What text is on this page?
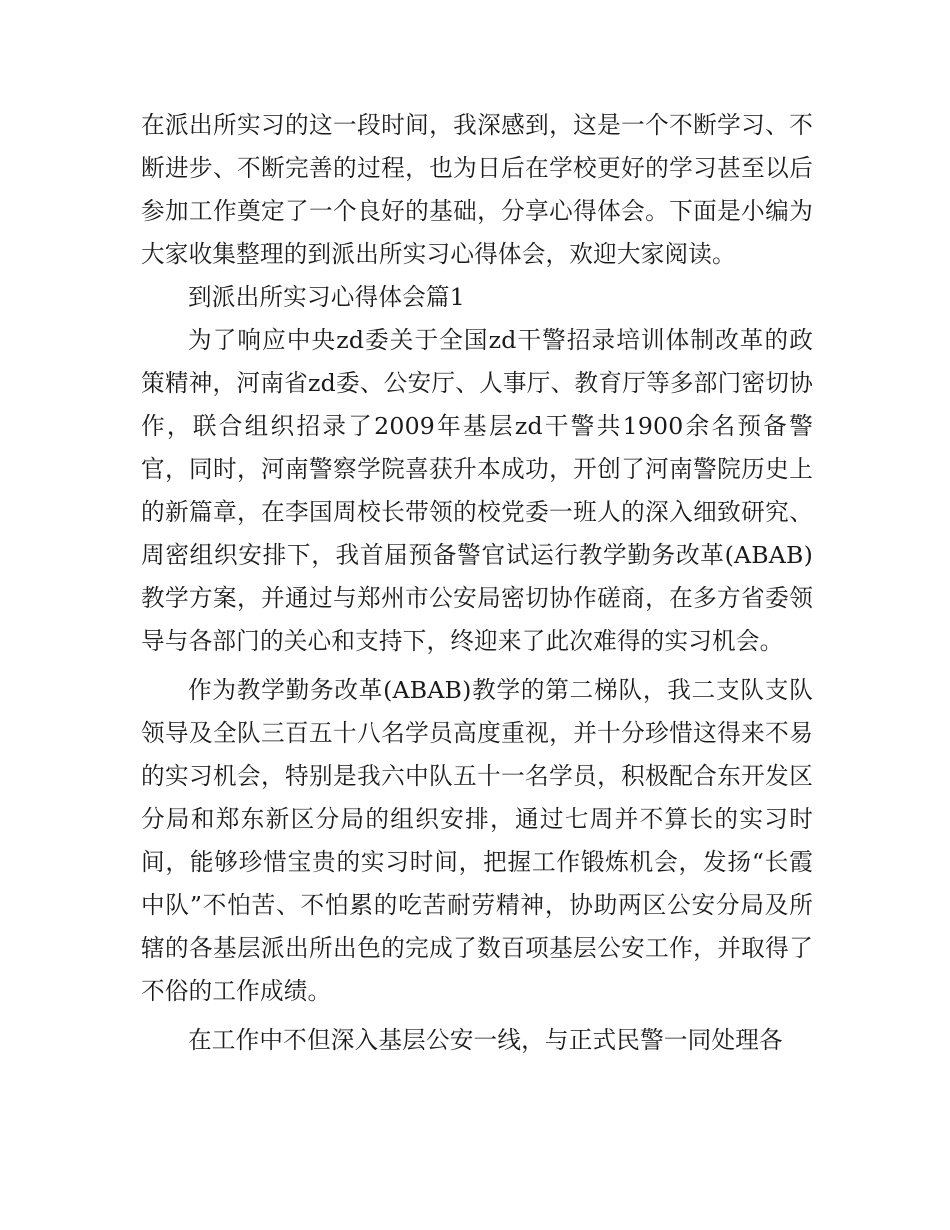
在派出所实习的这一段时间，我深感到，这是一个不断学习、不断进步、不断完善的过程，也为日后在学校更好的学习甚至以后参加工作奠定了一个良好的基础，分享心得体会。下面是小编为大家收集整理的到派出所实习心得体会，欢迎大家阅读。

到派出所实习心得体会篇1

为了响应中央zd委关于全国zd干警招录培训体制改革的政策精神，河南省zd委、公安厅、人事厅、教育厅等多部门密切协作，联合组织招录了2009年基层zd干警共1900余名预备警官，同时，河南警察学院喜获升本成功，开创了河南警院历史上的新篇章，在李国周校长带领的校党委一班人的深入细致研究、周密组织安排下，我首届预备警官试运行教学勤务改革(ABAB)教学方案，并通过与郑州市公安局密切协作磋商，在多方省委领导与各部门的关心和支持下，终迎来了此次难得的实习机会。

作为教学勤务改革(ABAB)教学的第二梯队，我二支队支队领导及全队三百五十八名学员高度重视，并十分珍惜这得来不易的实习机会，特别是我六中队五十一名学员，积极配合东开发区分局和郑东新区分局的组织安排，通过七周并不算长的实习时间，能够珍惜宝贵的实习时间，把握工作锻炼机会，发扬“长霞中队”不怕苦、不怕累的吃苦耐劳精神，协助两区公安分局及所辖的各基层派出所出色的完成了数百项基层公安工作，并取得了不俗的工作成绩。

在工作中不但深入基层公安一线，与正式民警一同处理各
